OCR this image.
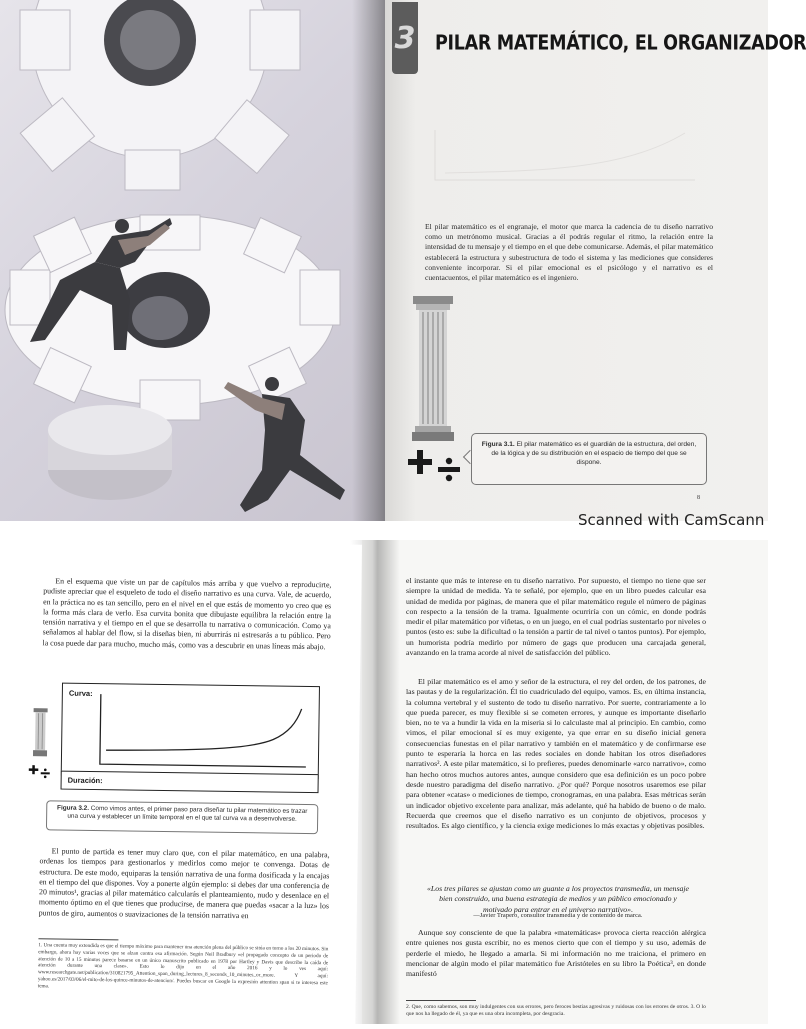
3 PILAR MATEMÁTICO, EL ORGANIZADOR

El pilar matemático es el engranaje, el motor que marca la cadencia de tu diseño narrativo como un metrónomo musical. Gracias a él podrás regular el ritmo, la relación entre la intensidad de tu mensaje y el tiempo en el que debe comunicarse. Además, el pilar matemático establecerá la estructura y subestructura de todo el sistema y las mediciones que consideres conveniente incorporar. Si el pilar emocional es el psicólogo y el narrativo es el cuentacuentos, el pilar matemático es el ingeniero.

Figura 3.1. El pilar matemático es el guardián de la estructura, del orden, de la lógica y de su distribución en el espacio de tiempo del que se dispone.

8
Scanned with CamScann

el instante que más te interese en tu diseño narrativo. Por supuesto, el tiempo no tiene que ser siempre la unidad de medida. Ya te señalé, por ejemplo, que en un libro puedes calcular esa unidad de medida por páginas, de manera que el pilar matemático regule el número de páginas con respecto a la tensión de la trama. Igualmente ocurriría con un cómic, en donde podrás medir el pilar matemático por viñetas, o en un juego, en el cual podrías sustentarlo por niveles o puntos (esto es: sube la dificultad o la tensión a partir de tal nivel o tantos puntos). Por ejemplo, un humorista podría medirlo por número de gags que producen una carcajada general, avanzando en la trama acorde al nivel de satisfacción del público.

El pilar matemático es el amo y señor de la estructura, el rey del orden, de los patrones, de las pautas y de la regularización. Él tio cuadriculado del equipo, vamos. Es, en última instancia, la columna vertebral y el sustento de todo tu diseño narrativo. Por suerte, contrariamente a lo que pueda parecer, es muy flexible si se cometen errores, y aunque es importante diseñarlo bien, no te va a hundir la vida en la miseria si lo calculaste mal al principio. En cambio, como vimos, el pilar emocional sí es muy exigente, ya que errar en su diseño inicial genera consecuencias funestas en el pilar narrativo y también en el matemático y de confirmarse ese punto te esperaría la horca en las redes sociales en donde habitan los otros diseñadores narrativos². A este pilar matemático, si lo prefieres, puedes denominarle «arco narrativo», como han hecho otros muchos autores antes, aunque considero que esa definición es un poco pobre desde nuestro paradigma del diseño narrativo. ¿Por qué? Porque nosotros usaremos ese pilar para obtener «catas» o mediciones de tiempo, cronogramas, en una palabra. Esas métricas serán un indicador objetivo excelente para analizar, más adelante, qué ha habido de bueno o de malo. Recuerda que creemos que el diseño narrativo es un conjunto de objetivos, procesos y resultados. Es algo científico, y la ciencia exige mediciones lo más exactas y objetivas posibles.

«Los tres pilares se ajustan como un guante a los proyectos transmedia, un mensaje bien construido, una buena estrategia de medios y un público emocionado y motivado para entrar en el universo narrativo».

—Javier Trapero, consultor transmedia y de contenido de marca.

Aunque soy consciente de que la palabra «matemáticas» provoca cierta reacción alérgica entre quienes nos gusta escribir, no es menos cierto que con el tiempo y su uso, además de perderle el miedo, he llegado a amarla. Si mi información no me traiciona, el primero en mencionar de algún modo el pilar matemático fue Aristóteles en su libro la Poética³, en donde manifestó

2. Que, como sabemos, son muy indulgentes con sus errores, pero feroces bestias agresivas y ruidosas con los errores de otros. 3. O lo que nos ha llegado de él, ya que es una obra incompleta, por desgracia.

En el esquema que viste un par de capítulos más arriba y que vuelvo a reproducirte, pudiste apreciar que el esqueleto de todo el diseño narrativo es una curva. Vale, de acuerdo, en la práctica no es tan sencillo, pero en el nivel en el que estás de momento yo creo que es la forma más clara de verlo. Esa curvita bonita que dibujaste equilibra la relación entre la tensión narrativa y el tiempo en el que se desarrolla tu narrativa o comunicación. Como ya señalamos al hablar del flow, si la diseñas bien, ni aburrirás ni estresarás a tu público. Pero la cosa puede dar para mucho, mucho más, como vas a descubrir en unas líneas más abajo.

Curva:
Duración:

Figura 3.2. Como vimos antes, el primer paso para diseñar tu pilar matemático es trazar una curva y establecer un límite temporal en el que tal curva va a desenvolverse.

El punto de partida es tener muy claro que, con el pilar matemático, en una palabra, ordenas los tiempos para gestionarlos y medirlos como mejor te convenga. Dotas de estructura. De este modo, equiparas la tensión narrativa de una forma dosificada y la encajas en el tiempo del que dispones. Voy a ponerte algún ejemplo: si debes dar una conferencia de 20 minutos¹, gracias al pilar matemático calcularás el planteamiento, nudo y desenlace en el momento óptimo en el que tienes que producirse, de manera que puedas «sacar a la luz» los puntos de giro, aumentos o suavizaciones de la tensión narrativa en

1. Una cuenta muy extendida es que el tiempo máximo para mantener una atención plena del público se sitúa en torno a los 20 minutos. Sin embargo, ahora hay varias voces que se alzan contra esa afirmación. Según Neil Bradbury «el propagado concepto de un periodo de atención de 10 a 15 minutos parece basarse en un único manuscrito publicado en 1978 por Hartley y Davis que describe la caída de atención durante una clase». Esto lo dijo en el año 2016 y lo ves aquí: www.researchgate.net/publication/310821795_Attention_span_during_lectures_8_seconds_10_minutes_or_more. Y aquí: yahoo.es/2017/03/06/el-mito-de-los-quince-minutos-de-atencion/. Puedes buscar en Google la expresión attention span si te interesa este tema.
